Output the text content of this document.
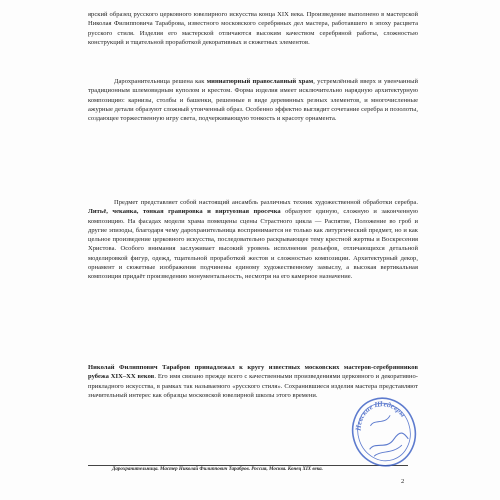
ярский образец русского церковного ювелирного искусства конца XIX века. Произведение выполнено в мастерской Николая Филипповича Тараброва, известного московского серебряных дел мастера, работавшего в эпоху расцвета русского стиля. Изделия его мастерской отличаются высоким качеством серебряной работы, сложностью конструкций и тщательной проработкой декоративных и сюжетных элементов.
Дарохранительница решена как миниатюрный православный храм, устремлённый вверх и увенчанный традиционным шлемовидным куполом и крестом. Форма изделия имеет исключительно нарядную архитектурную композицию: карнизы, столбы и башенки, решенные в виде деревянных резных элементов, и многочисленные ажурные детали образуют сложный утонченный образ. Особенно эффектно выглядит сочетание серебра и позолоты, создающее торжественную игру света, подчеркивающую тонкость и красоту орнамента.
Предмет представляет собой настоящий ансамбль различных техник художественной обработки серебра. Литьё, чеканка, тонкая гравировка и виртуозная просечка образуют единую, сложную и законченную композицию. На фасадах модели храма помещены сцены Страстного цикла — Распятие, Положение во гроб и другие эпизоды, благодаря чему дарохранительница воспринимается не только как литургический предмет, но и как цельное произведение церковного искусства, последовательно раскрывающее тему крестной жертвы и Воскресения Христова. Особого внимания заслуживает высокий уровень исполнения рельефов, отличающихся детальной моделировкой фигур, одежд, тщательной проработкой жестов и сложностью композиции. Архитектурный декор, орнамент и сюжетные изображения подчинены единому художественному замыслу, а высокая вертикальная композиция придаёт произведению монументальность, несмотря на его камерное назначение.
Николай Филиппович Тарабров принадлежал к кругу известных московских мастеров-серебрянников рубежа XIX–XX веков. Его имя связано прежде всего с качественными произведениями церковного и декоративно-прикладного искусства, в рамках так называемого «русского стиля». Сохранившиеся изделия мастера представляют значительный интерес как образцы московской ювелирной школы этого времени.
Дарохранительница. Мастер Николай Филиппович Тарабров. Россия, Москва. Конец XIX века.
2
Невские Шедевры
